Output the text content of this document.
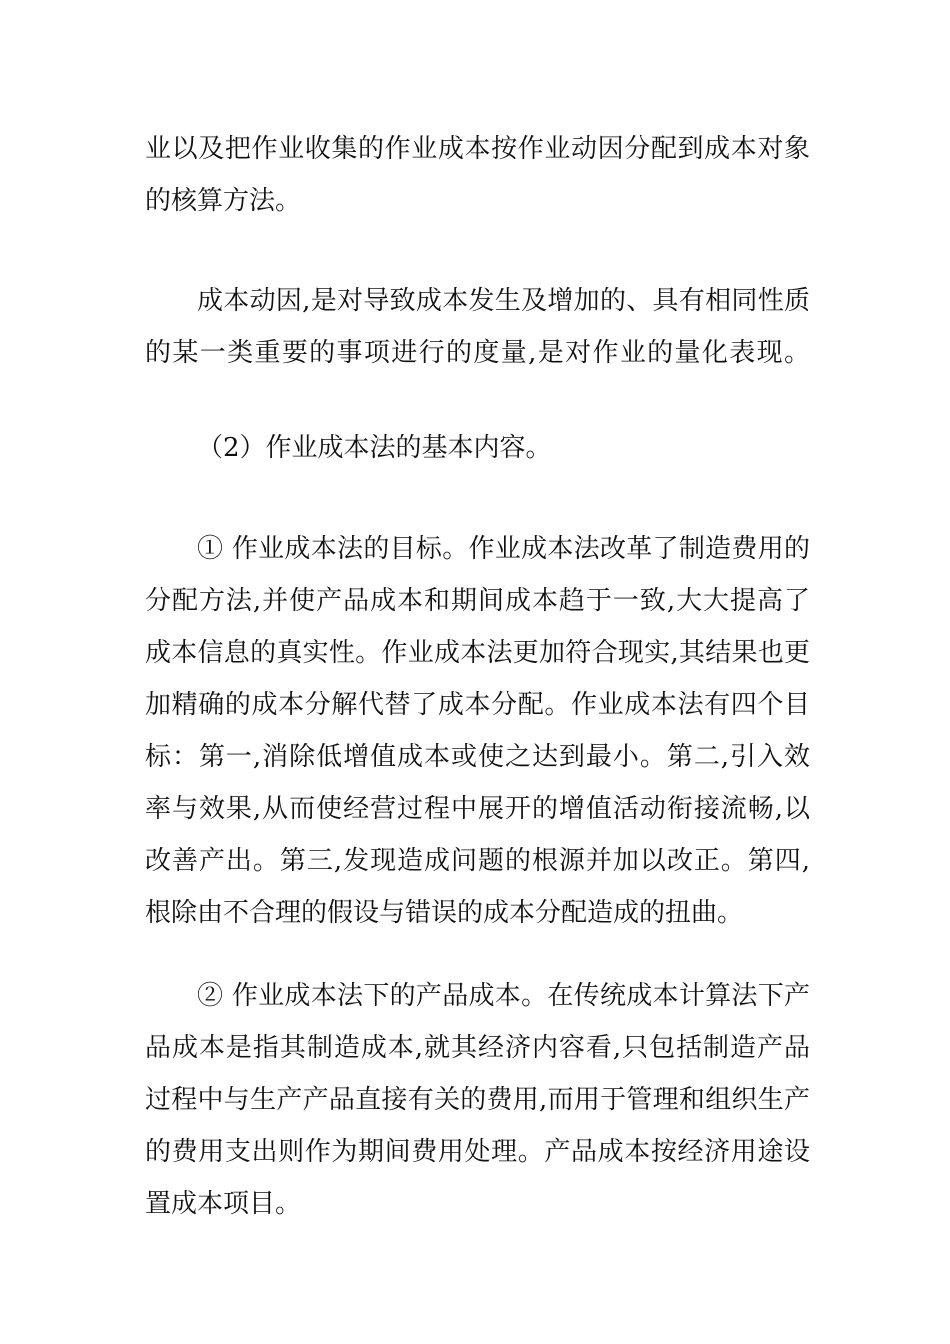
业以及把作业收集的作业成本按作业动因分配到成本对象
的核算方法。
成本动因,是对导致成本发生及增加的、具有相同性质
的某一类重要的事项进行的度量,是对作业的量化表现。
（2）作业成本法的基本内容。
① 作业成本法的目标。作业成本法改革了制造费用的
分配方法,并使产品成本和期间成本趋于一致,大大提高了
成本信息的真实性。作业成本法更加符合现实,其结果也更
加精确的成本分解代替了成本分配。作业成本法有四个目
标：第一,消除低增值成本或使之达到最小。第二,引入效
率与效果,从而使经营过程中展开的增值活动衔接流畅,以
改善产出。第三,发现造成问题的根源并加以改正。第四,
根除由不合理的假设与错误的成本分配造成的扭曲。
② 作业成本法下的产品成本。在传统成本计算法下产
品成本是指其制造成本,就其经济内容看,只包括制造产品
过程中与生产产品直接有关的费用,而用于管理和组织生产
的费用支出则作为期间费用处理。产品成本按经济用途设
置成本项目。
